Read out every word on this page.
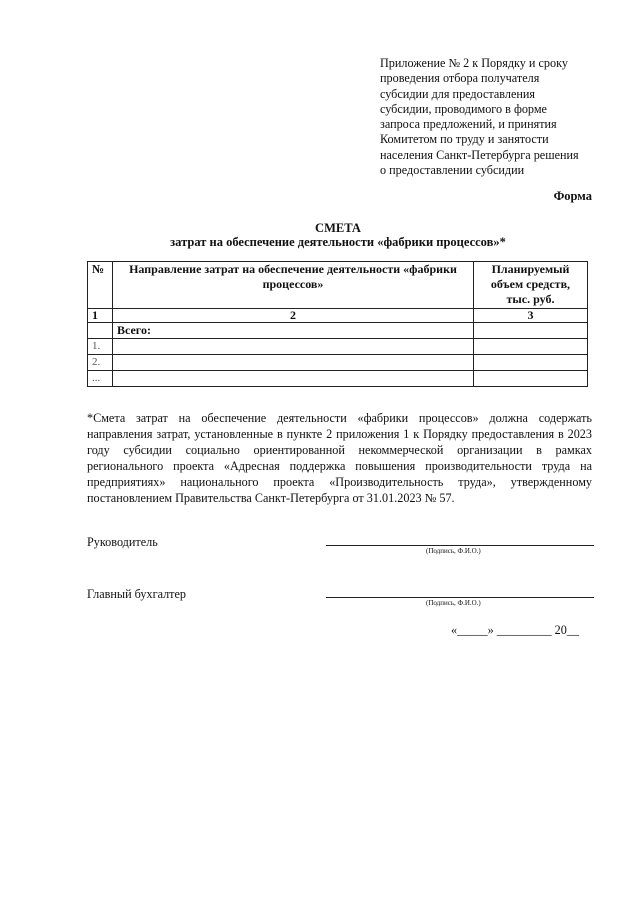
Приложение № 2 к Порядку и сроку
проведения отбора получателя
субсидии для предоставления
субсидии, проводимого в форме
запроса предложений, и принятия
Комитетом по труду и занятости
населения Санкт-Петербурга решения
о предоставлении субсидии
Форма
СМЕТА
затрат на обеспечение деятельности «фабрики процессов»*
№	Направление затрат на обеспечение деятельности «фабрики процессов»	Планируемый объем средств, тыс. руб.
1	2	3
	Всего:	
1.		
2.		
...		
*Смета затрат на обеспечение деятельности «фабрики процессов» должна содержать направления затрат, установленные в пункте 2 приложения 1 к Порядку предоставления в 2023 году субсидии социально ориентированной некоммерческой организации в рамках регионального проекта «Адресная поддержка повышения производительности труда на предприятиях» национального проекта «Производительность труда», утвержденному постановлением Правительства Санкт-Петербурга от 31.01.2023 № 57.
Руководитель
(Подпись, Ф.И.О.)
Главный бухгалтер
(Подпись, Ф.И.О.)
«_____» _________ 20__
